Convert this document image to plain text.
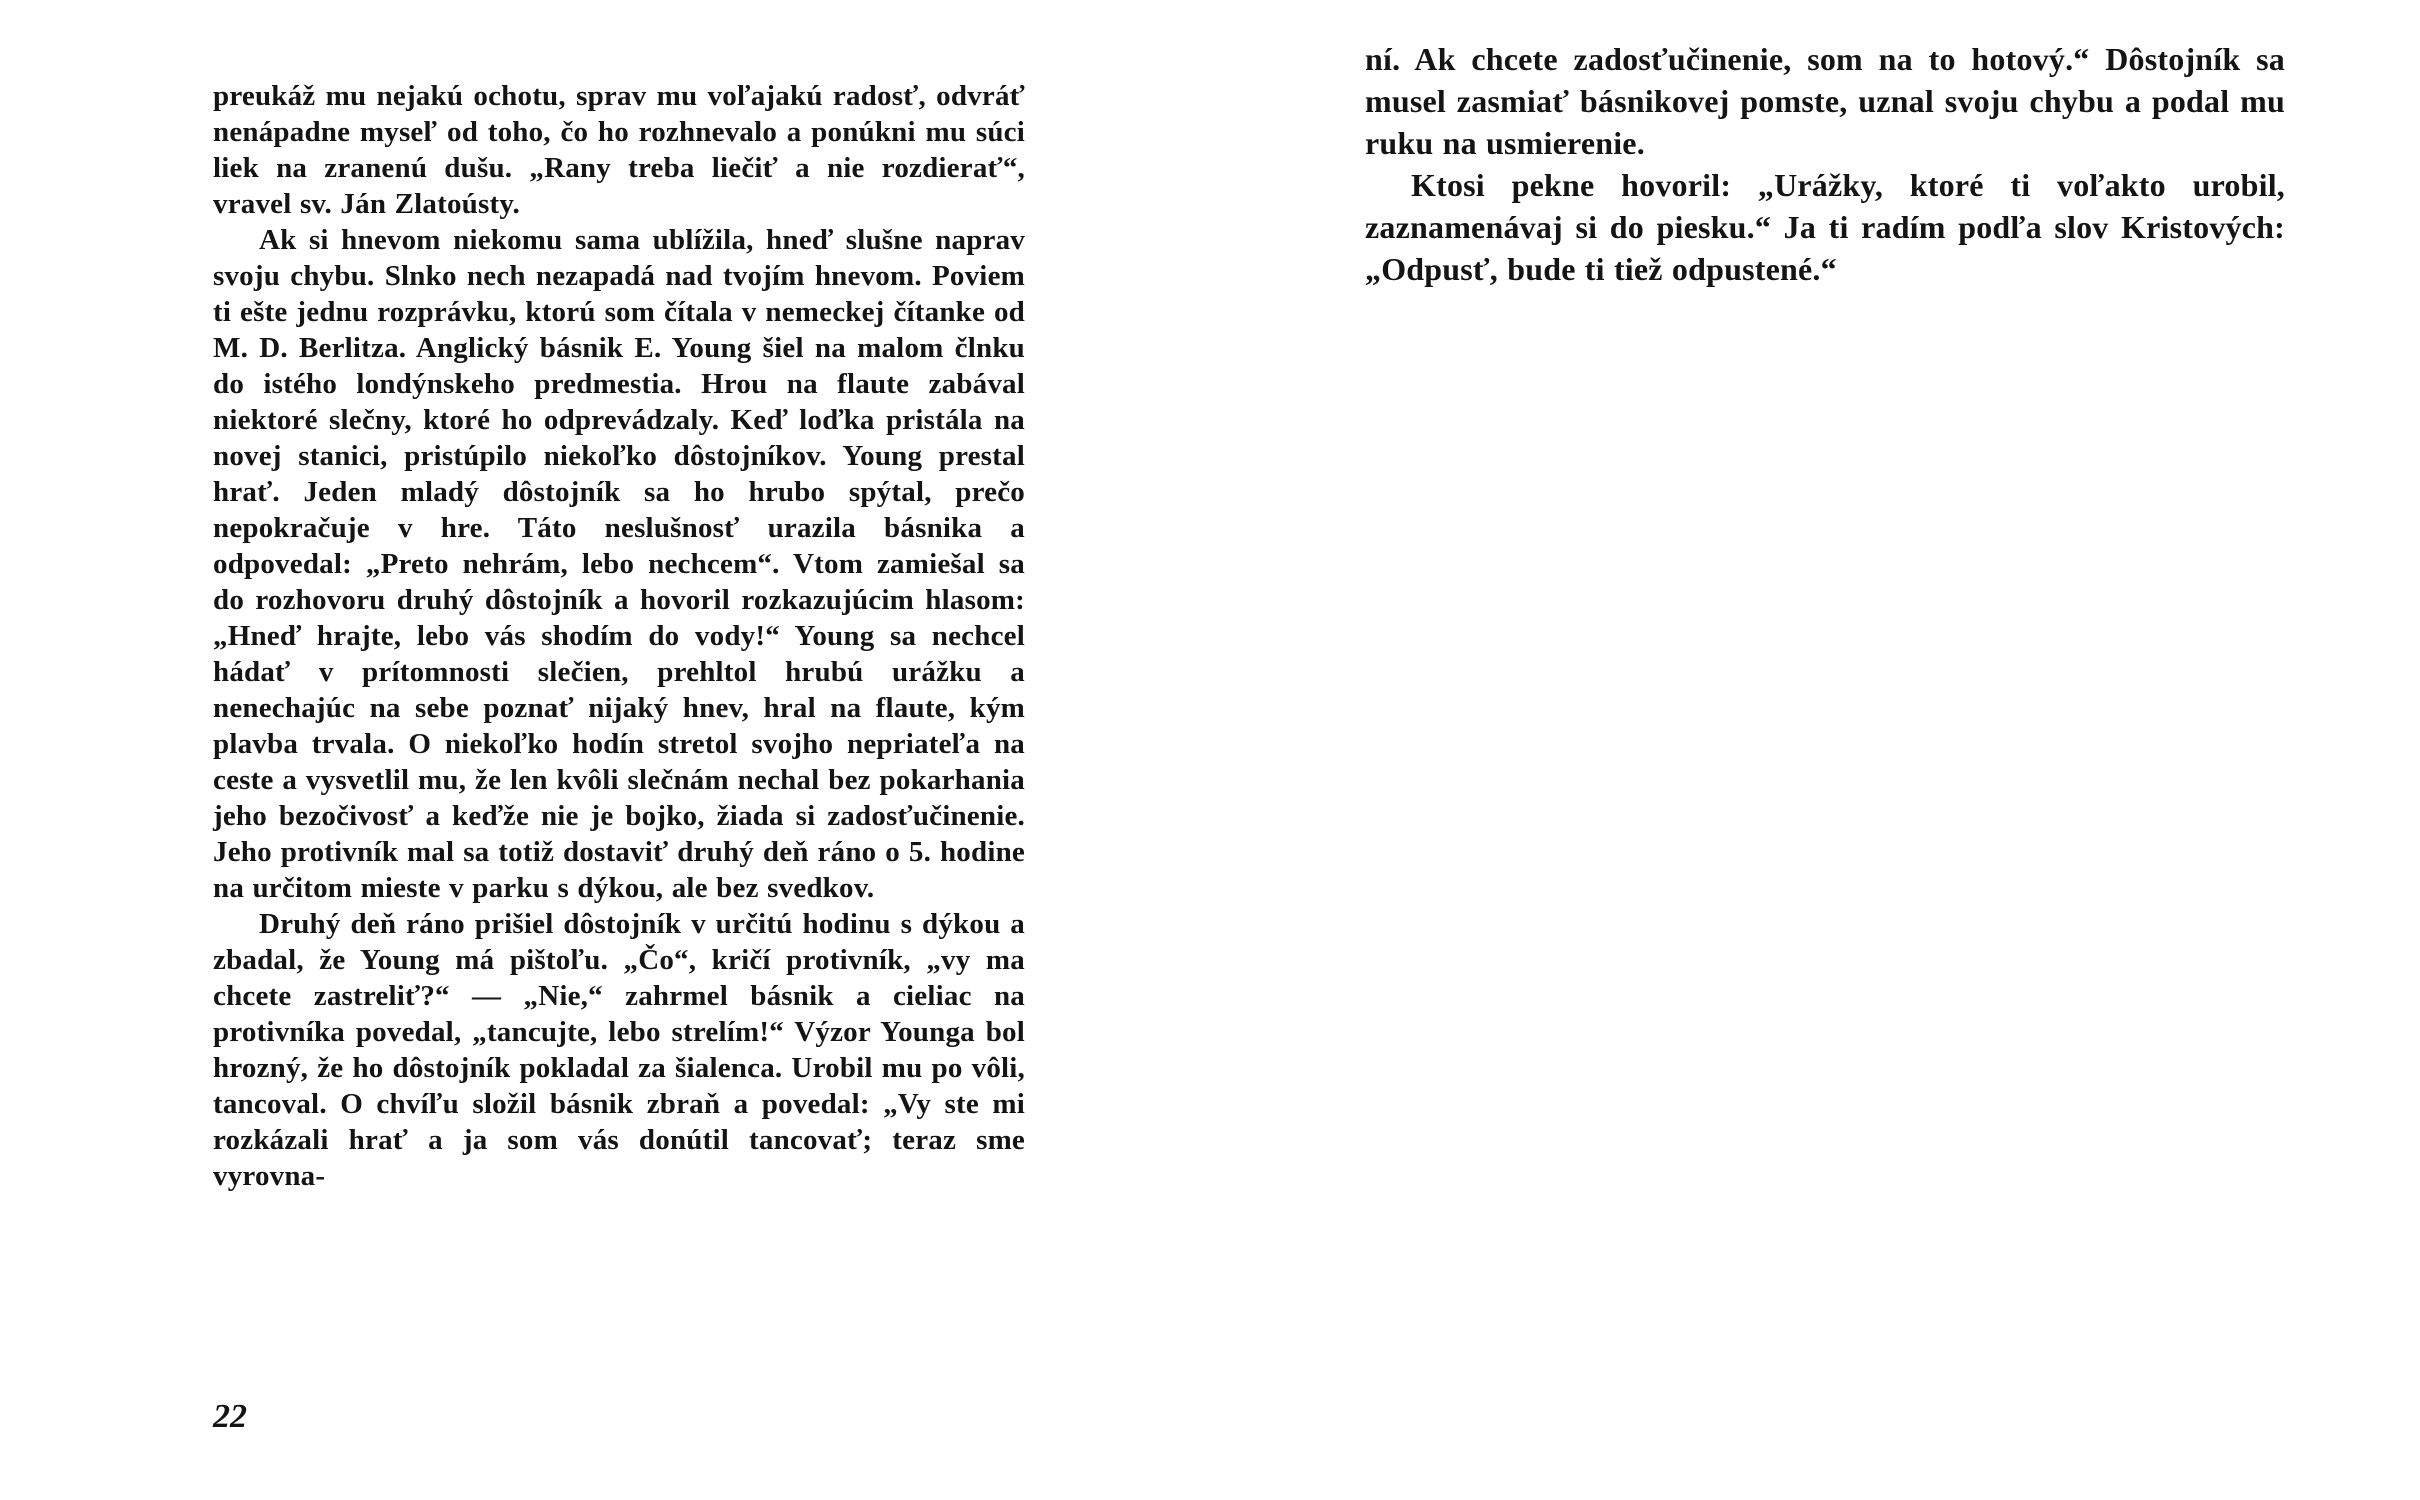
preukáž mu nejakú ochotu, sprav mu voľajakú radosť, odvráť nenápadne myseľ od toho, čo ho rozhnevalo a ponúkni mu súci liek na zranenú dušu. „Rany treba liečiť a nie rozdierať“, vravel sv. Ján Zlatoústy.

Ak si hnevom niekomu sama ublížila, hneď slušne naprav svoju chybu. Slnko nech nezapadá nad tvojím hnevom. Poviem ti ešte jednu rozprávku, ktorú som čítala v nemeckej čítanke od M. D. Berlitza. Anglický básnik E. Young šiel na malom člnku do istého londýnskeho predmestia. Hrou na flaute zabával niektoré slečny, ktoré ho odprevádzaly. Keď loďka pristála na novej stanici, pristúpilo niekoľko dôstojníkov. Young prestal hrať. Jeden mladý dôstojník sa ho hrubo spýtal, prečo nepokračuje v hre. Táto neslušnosť urazila básnika a odpovedal: „Preto nehrám, lebo nechcem“. Vtom zamiešal sa do rozhovoru druhý dôstojník a hovoril rozkazujúcim hlasom: „Hneď hrajte, lebo vás shodím do vody!“ Young sa nechcel hádať v prítomnosti slečien, prehltol hrubú urážku a nenechajúc na sebe poznať nijaký hnev, hral na flaute, kým plavba trvala. O niekoľko hodín stretol svojho nepriateľa na ceste a vysvetlil mu, že len kvôli slečnám nechal bez pokarhania jeho bezočivosť a keďže nie je bojko, žiada si zadosťučinenie. Jeho protivník mal sa totiž dostaviť druhý deň ráno o 5. hodine na určitom mieste v parku s dýkou, ale bez svedkov.

Druhý deň ráno prišiel dôstojník v určitú hodinu s dýkou a zbadal, že Young má pištoľu. „Čo“, kričí protivník, „vy ma chcete zastreliť?“ — „Nie,“ zahrmel básnik a cieliac na protivníka povedal, „tancujte, lebo strelím!“ Výzor Younga bol hrozný, že ho dôstojník pokladal za šialenca. Urobil mu po vôli, tancoval. O chvíľu složil básnik zbraň a povedal: „Vy ste mi rozkázali hrať a ja som vás donútil tancovať; teraz sme vyrovna-

22

ní. Ak chcete zadosťučinenie, som na to hotový.“ Dôstojník sa musel zasmiať básnikovej pomste, uznal svoju chybu a podal mu ruku na usmierenie.

Ktosi pekne hovoril: „Urážky, ktoré ti voľakto urobil, zaznamenávaj si do piesku.“ Ja ti radím podľa slov Kristových: „Odpusť, bude ti tiež odpustené.“
